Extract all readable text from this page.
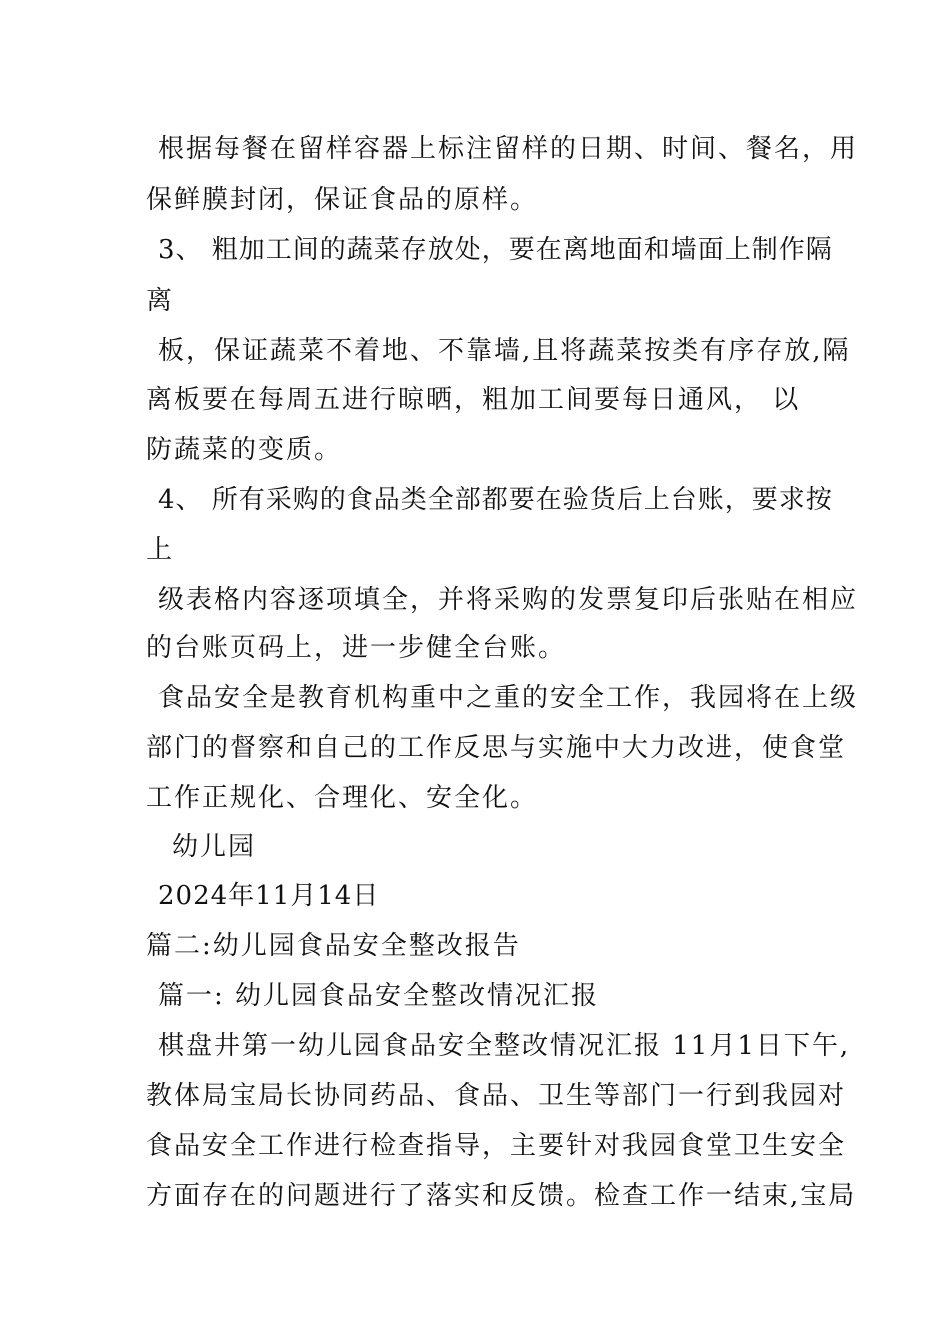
根据每餐在留样容器上标注留样的日期、时间、餐名，用
保鲜膜封闭，保证食品的原样。
3、 粗加工间的蔬菜存放处，要在离地面和墙面上制作隔
离
板，保证蔬菜不着地、不靠墙,且将蔬菜按类有序存放,隔
离板要在每周五进行晾晒，粗加工间要每日通风， 以
防蔬菜的变质。
4、 所有采购的食品类全部都要在验货后上台账，要求按
上
级表格内容逐项填全，并将采购的发票复印后张贴在相应
的台账页码上，进一步健全台账。
食品安全是教育机构重中之重的安全工作，我园将在上级
部门的督察和自己的工作反思与实施中大力改进，使食堂
工作正规化、合理化、安全化。
幼儿园
2024年11月14日
篇二:幼儿园食品安全整改报告
篇一: 幼儿园食品安全整改情况汇报
棋盘井第一幼儿园食品安全整改情况汇报 11月1日下午,
教体局宝局长协同药品、食品、卫生等部门一行到我园对
食品安全工作进行检查指导，主要针对我园食堂卫生安全
方面存在的问题进行了落实和反馈。检查工作一结束,宝局
